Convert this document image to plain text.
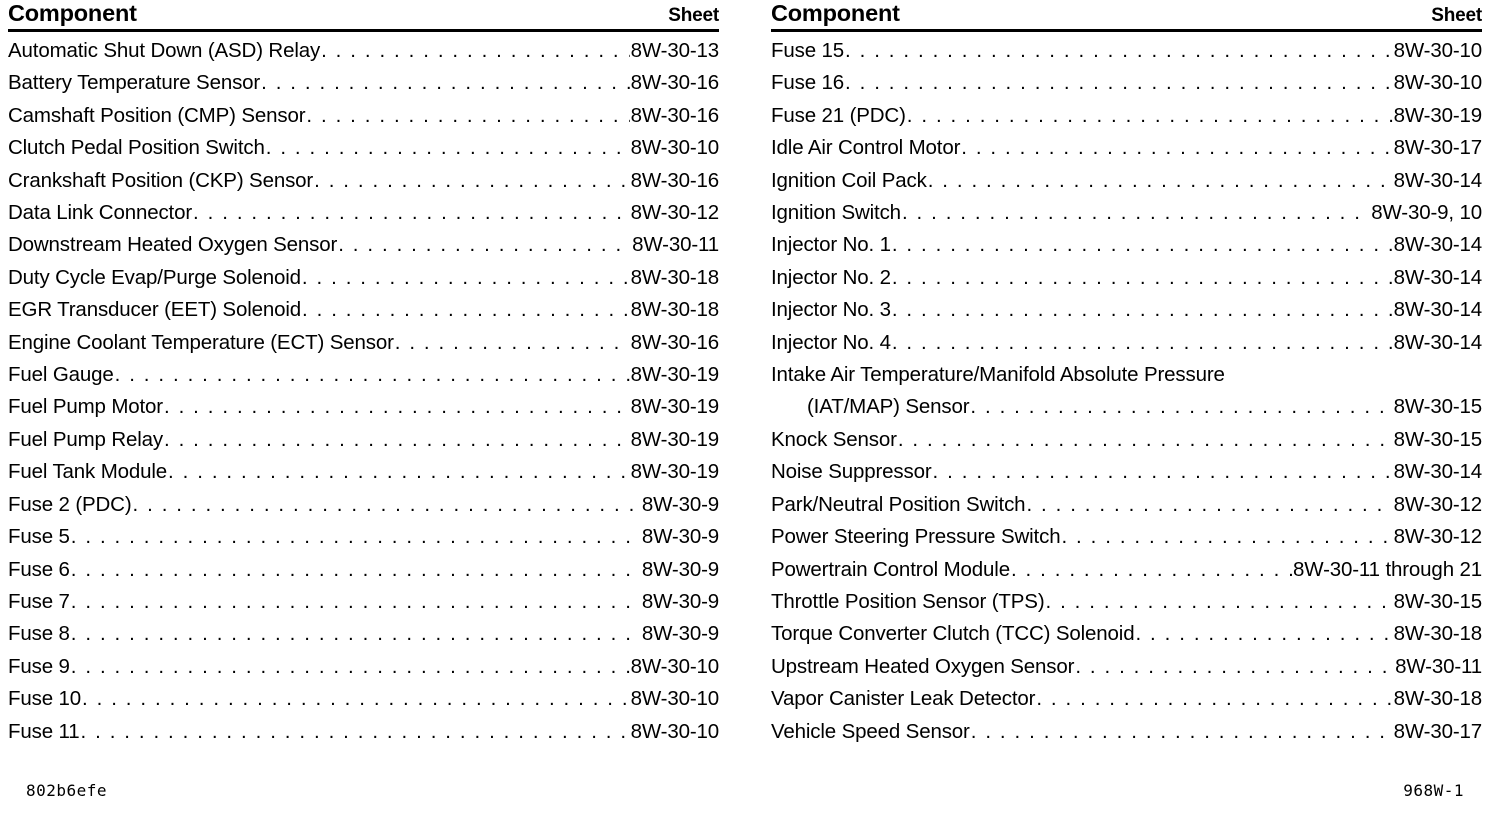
Component	Sheet
Automatic Shut Down (ASD) Relay . . .	8W-30-13
Battery Temperature Sensor . . .	8W-30-16
Camshaft Position (CMP) Sensor . . .	8W-30-16
Clutch Pedal Position Switch . . .	8W-30-10
Crankshaft Position (CKP) Sensor . . .	8W-30-16
Data Link Connector . . .	8W-30-12
Downstream Heated Oxygen Sensor . . .	8W-30-11
Duty Cycle Evap/Purge Solenoid . . .	8W-30-18
EGR Transducer (EET) Solenoid . . .	8W-30-18
Engine Coolant Temperature (ECT) Sensor . . .	8W-30-16
Fuel Gauge . . .	8W-30-19
Fuel Pump Motor . . .	8W-30-19
Fuel Pump Relay . . .	8W-30-19
Fuel Tank Module . . .	8W-30-19
Fuse 2 (PDC) . . .	8W-30-9
Fuse 5 . . .	8W-30-9
Fuse 6 . . .	8W-30-9
Fuse 7 . . .	8W-30-9
Fuse 8 . . .	8W-30-9
Fuse 9 . . .	8W-30-10
Fuse 10 . . .	8W-30-10
Fuse 11 . . .	8W-30-10
802b6efe
Component	Sheet
Fuse 15 . . .	8W-30-10
Fuse 16 . . .	8W-30-10
Fuse 21 (PDC) . . .	8W-30-19
Idle Air Control Motor . . .	8W-30-17
Ignition Coil Pack . . .	8W-30-14
Ignition Switch . . .	8W-30-9, 10
Injector No. 1 . . .	8W-30-14
Injector No. 2 . . .	8W-30-14
Injector No. 3 . . .	8W-30-14
Injector No. 4 . . .	8W-30-14
Intake Air Temperature/Manifold Absolute Pressure
(IAT/MAP) Sensor . . .	8W-30-15
Knock Sensor . . .	8W-30-15
Noise Suppressor . . .	8W-30-14
Park/Neutral Position Switch . . .	8W-30-12
Power Steering Pressure Switch . . .	8W-30-12
Powertrain Control Module . . .	8W-30-11 through 21
Throttle Position Sensor (TPS) . . .	8W-30-15
Torque Converter Clutch (TCC) Solenoid . . .	8W-30-18
Upstream Heated Oxygen Sensor . . .	8W-30-11
Vapor Canister Leak Detector . . .	8W-30-18
Vehicle Speed Sensor . . .	8W-30-17
968W-1
